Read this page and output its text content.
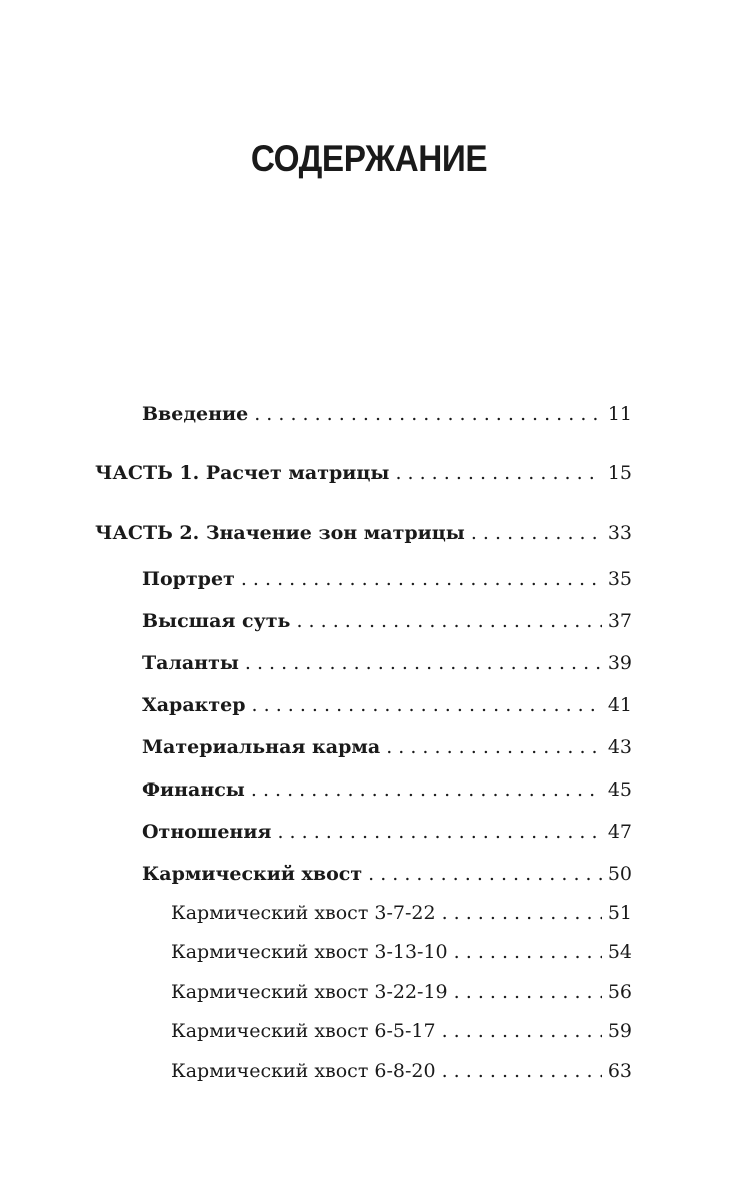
СОДЕРЖАНИЕ
Введение . . .	11
ЧАСТЬ 1. Расчет матрицы . . .	15
ЧАСТЬ 2. Значение зон матрицы . . .	33
Портрет . . .	35
Высшая суть . . .	37
Таланты . . .	39
Характер . . .	41
Материальная карма . . .	43
Финансы . . .	45
Отношения . . .	47
Кармический хвост . . .	50
Кармический хвост 3-7-22 . . .	51
Кармический хвост 3-13-10 . . .	54
Кармический хвост 3-22-19 . . .	56
Кармический хвост 6-5-17 . . .	59
Кармический хвост 6-8-20 . . .	63
